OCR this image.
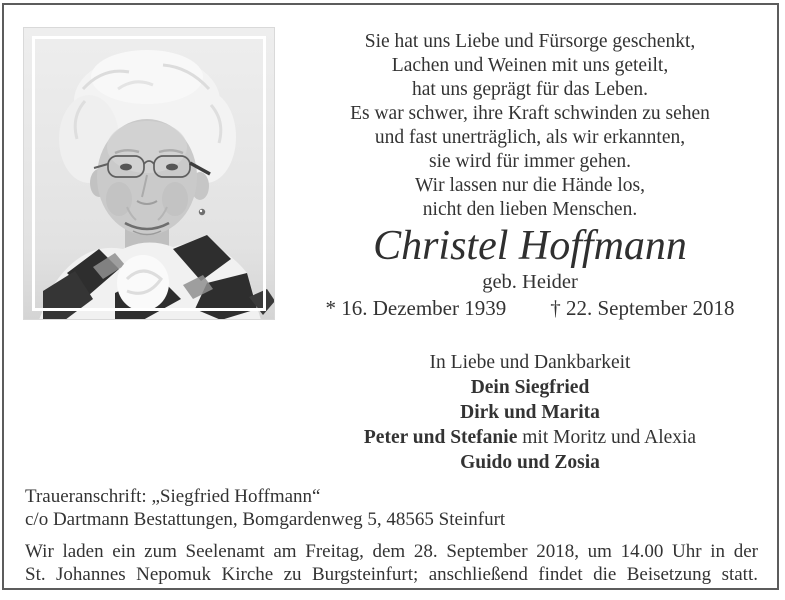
Sie hat uns Liebe und Fürsorge geschenkt,
Lachen und Weinen mit uns geteilt,
hat uns geprägt für das Leben.
Es war schwer, ihre Kraft schwinden zu sehen
und fast unerträglich, als wir erkannten,
sie wird für immer gehen.
Wir lassen nur die Hände los,
nicht den lieben Menschen.
Christel Hoffmann
geb. Heider
* 16. Dezember 1939 † 22. September 2018
In Liebe und Dankbarkeit
Dein Siegfried
Dirk und Marita
Peter und Stefanie mit Moritz und Alexia
Guido und Zosia
Traueranschrift: „Siegfried Hoffmann“
c/o Dartmann Bestattungen, Bomgardenweg 5, 48565 Steinfurt
Wir laden ein zum Seelenamt am Freitag, dem 28. September 2018, um 14.00 Uhr in der
St. Johannes Nepomuk Kirche zu Burgsteinfurt; anschließend findet die Beisetzung statt.
